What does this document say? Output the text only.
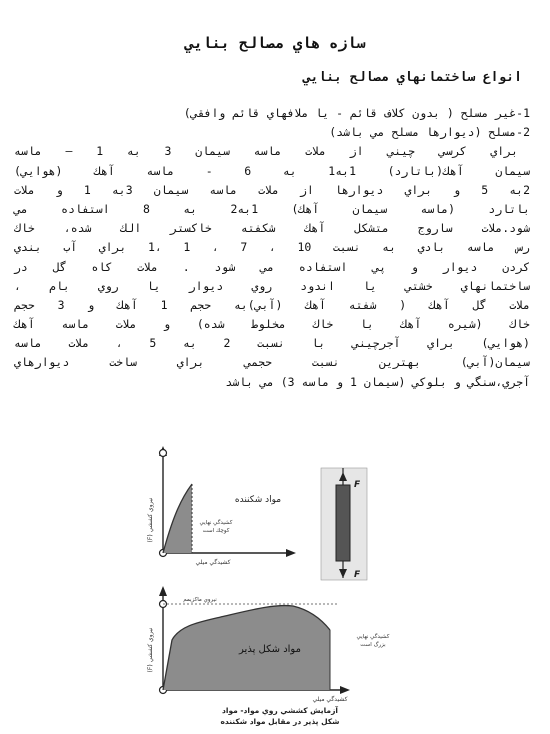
سازه هاي مصالح بنايي
انواع ساختمانهاي مصالح بنايي
1-غير مسلح ( بدون كلاف قائم - يا ملافهاي قائم وافقي)
2-مسلح (ديوارها مسلح مي باشد)
براي كرسي چيني از ملات ماسه سيمان 3 به 1 – ماسه
سيمان آهك(باتارد) 1به1 به 6 - ماسه آهك (هوايي)
2به 5 و براي ديوارها از ملات ماسه سيمان 3به 1 و ملات
باتارد (ماسه سيمان آهك) 1به2 به 8 استفاده مي
شود.ملات ساروج متشكل آهك شكفته خاكستر الك شده، خاك
رس ماسه بادي به نسبت 10 ، 7 ، 1 ،1 براي آب بندي
كردن ديوار و پي استفاده مي شود . ملات كاه گل در
ساختمانهاي خشتي يا اندود روي ديوار يا روي بام ،
ملات گل آهك ( شفته آهك (آبي)به حجم 1 آهك و 3 حجم
خاك (شيره آهك با خاك مخلوط شده) و ملات ماسه آهك
(هوايي) براي آجرچيني با نسبت 2 به 5 ، ملات ماسه
سيمان(آبي) بهترين نسبت حجمي براي ساخت ديوارهاي
آجري،سنگي و بلوكي (سيمان 1 و ماسه 3) مي باشد
مواد شكننده
كشيدگي نهايي
كوچك است
كشيدگي ميلي
نيروي كششي (F)
F
F
مواد شكل پذير
نيروي ماكزيمم
كشيدگي نهايي
بزرگ است
نيروي كششي (F)
كشيدگي ميلي
آزمايش كششي روي مواد- مواد
شكل پذير در مقابل مواد شكننده
